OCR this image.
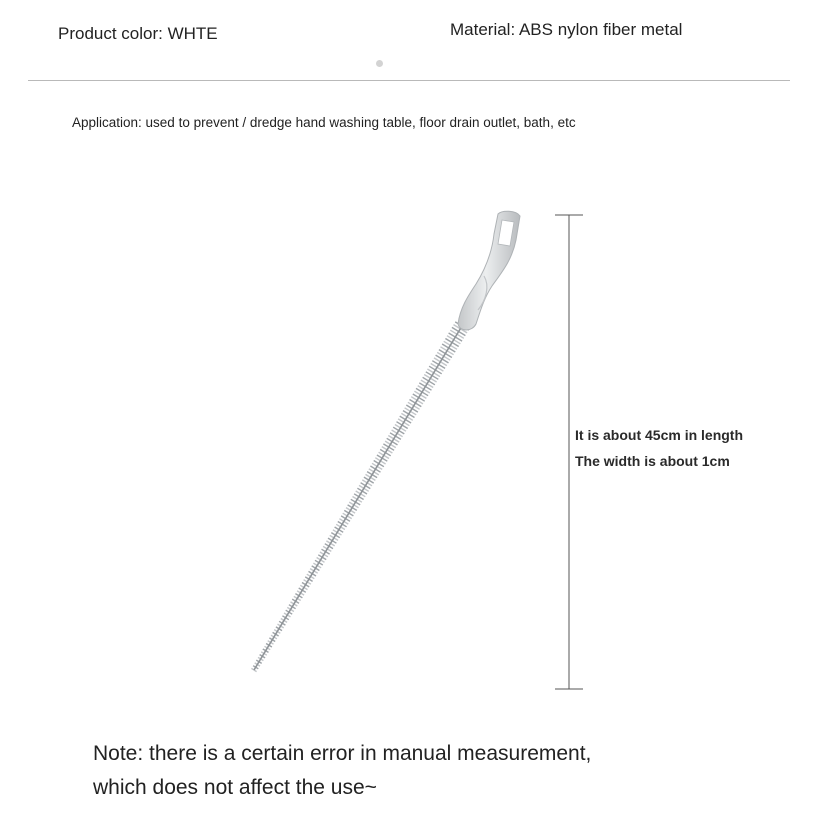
Product color: WHTE	Material: ABS nylon fiber metal
Application: used to prevent / dredge hand washing table, floor drain outlet, bath, etc
It is about 45cm in length
The width is about 1cm
Note: there is a certain error in manual measurement,
which does not affect the use~
